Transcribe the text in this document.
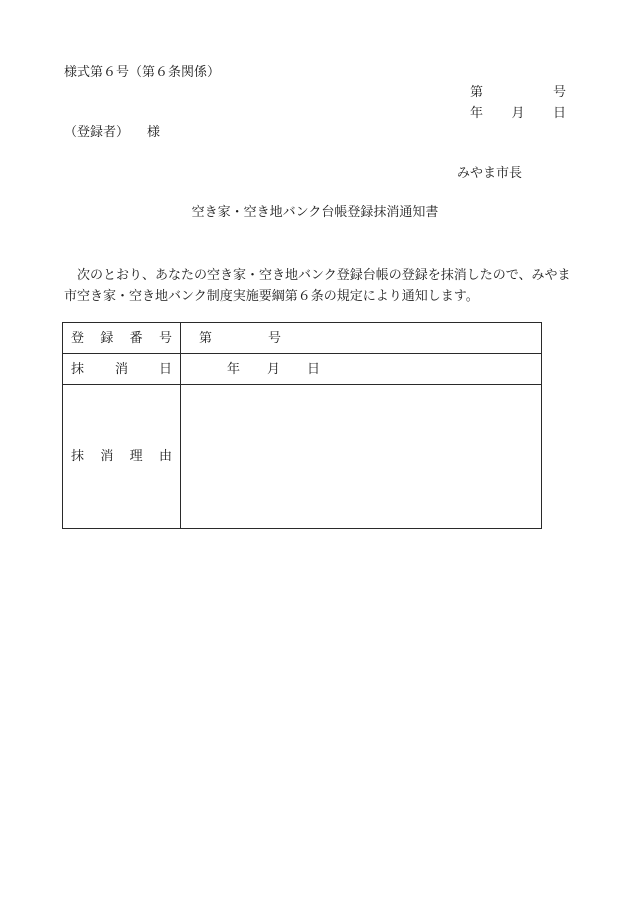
様式第６号（第６条関係）
第	号
年 月 日
（登録者） 様
みやま市長
空き家・空き地バンク台帳登録抹消通知書
次のとおり、あなたの空き家・空き地バンク登録台帳の登録を抹消したので、みやま市空き家・空き地バンク制度実施要綱第６条の規定により通知します。
登 録 番 号	第 号

抹 消 日	年 月 日

抹 消 理 由	
